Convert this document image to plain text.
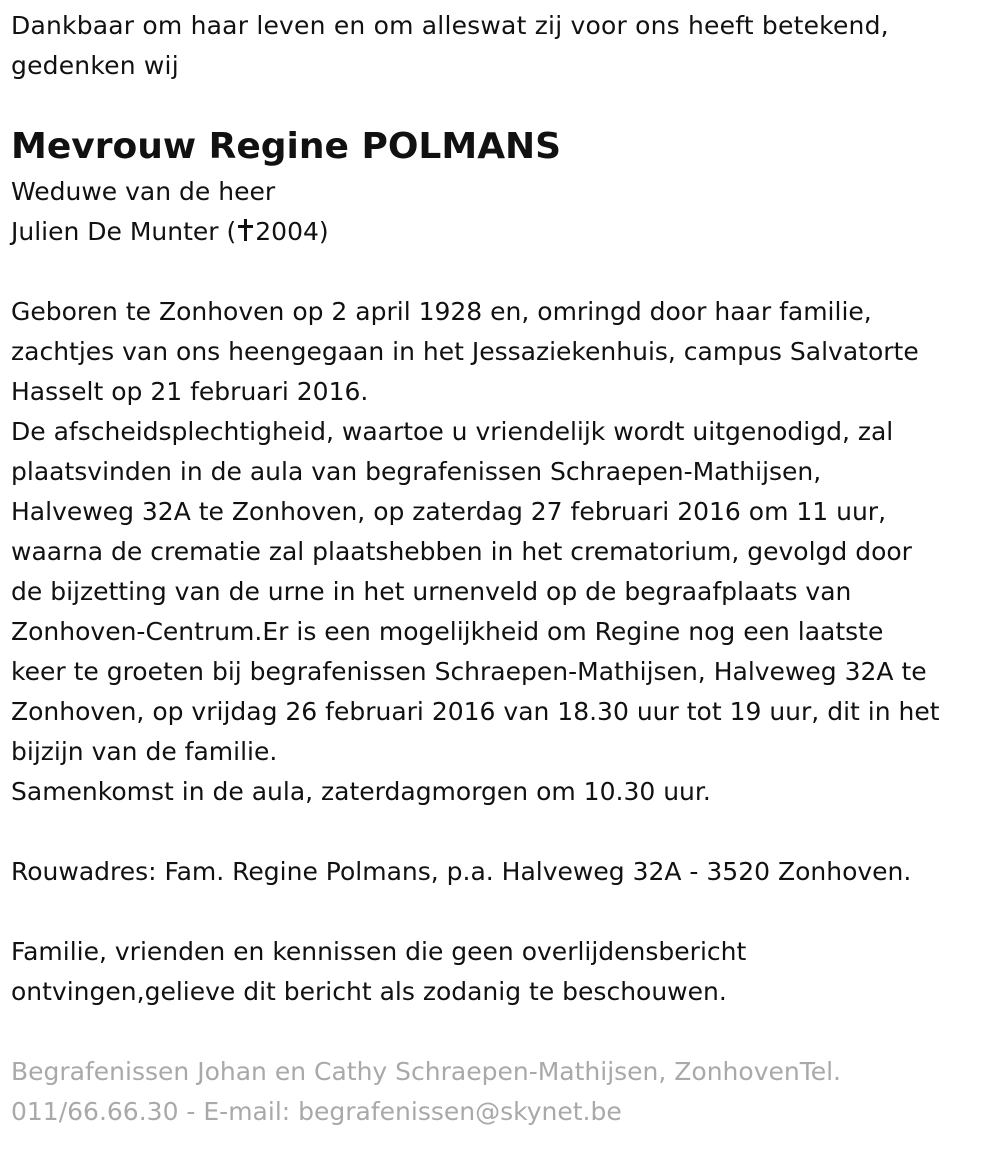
Dankbaar om haar leven en om alleswat zij voor ons heeft betekend,

gedenken wij

Mevrouw Regine POLMANS

Weduwe van de heer

Julien De Munter ( 2004)

Geboren te Zonhoven op 2 april 1928 en, omringd door haar familie,

zachtjes van ons heengegaan in het Jessaziekenhuis, campus Salvatorte

Hasselt op 21 februari 2016.

De afscheidsplechtigheid, waartoe u vriendelijk wordt uitgenodigd, zal

plaatsvinden in de aula van begrafenissen Schraepen-Mathijsen,

Halveweg 32A te Zonhoven, op zaterdag 27 februari 2016 om 11 uur,

waarna de crematie zal plaatshebben in het crematorium, gevolgd door

de bijzetting van de urne in het urnenveld op de begraafplaats van

Zonhoven-Centrum.Er is een mogelijkheid om Regine nog een laatste

keer te groeten bij begrafenissen Schraepen-Mathijsen, Halveweg 32A te

Zonhoven, op vrijdag 26 februari 2016 van 18.30 uur tot 19 uur, dit in het

bijzijn van de familie.

Samenkomst in de aula, zaterdagmorgen om 10.30 uur.

Rouwadres: Fam. Regine Polmans, p.a. Halveweg 32A - 3520 Zonhoven.

Familie, vrienden en kennissen die geen overlijdensbericht

ontvingen,gelieve dit bericht als zodanig te beschouwen.

Begrafenissen Johan en Cathy Schraepen-Mathijsen, ZonhovenTel.

011/66.66.30 - E-mail: begrafenissen@skynet.be
